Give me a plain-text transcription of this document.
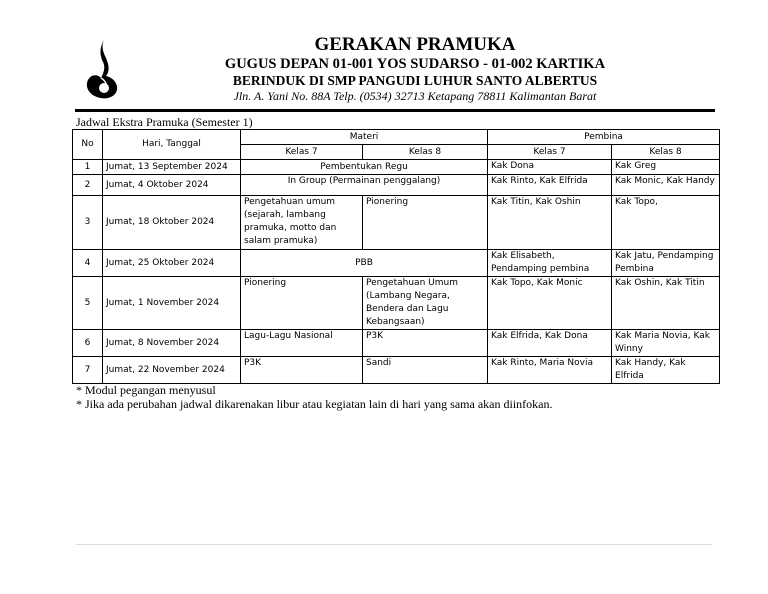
GERAKAN PRAMUKA
GUGUS DEPAN 01-001 YOS SUDARSO - 01-002 KARTIKA
BERINDUK DI SMP PANGUDI LUHUR SANTO ALBERTUS
Jln. A. Yani No. 88A Telp. (0534) 32713 Ketapang 78811 Kalimantan Barat
Jadwal Ekstra Pramuka (Semester 1)
No	Hari, Tanggal	Materi		Pembina	
		Kelas 7	Kelas 8	Kelas 7	Kelas 8
1	Jumat, 13 September 2024	Pembentukan Regu		Kak Dona	Kak Greg
2	Jumat, 4 Oktober 2024	In Group (Permainan penggalang)		Kak Rinto, Kak Elfrida	Kak Monic, Kak Handy
3	Jumat, 18 Oktober 2024	Pengetahuan umum (sejarah, lambang pramuka, motto dan salam pramuka)	Pionering	Kak Titin, Kak Oshin	Kak Topo,
4	Jumat, 25 Oktober 2024	PBB		Kak Elisabeth, Pendamping pembina	Kak Jatu, Pendamping Pembina
5	Jumat, 1 November 2024	Pionering	Pengetahuan Umum (Lambang Negara, Bendera dan Lagu Kebangsaan)	Kak Topo, Kak Monic	Kak Oshin, Kak Titin
6	Jumat, 8 November 2024	Lagu-Lagu Nasional	P3K	Kak Elfrida, Kak Dona	Kak Maria Novia, Kak Winny
7	Jumat, 22 November 2024	P3K	Sandi	Kak Rinto, Maria Novia	Kak Handy, Kak Elfrida
* Modul pegangan menyusul
* Jika ada perubahan jadwal dikarenakan libur atau kegiatan lain di hari yang sama akan diinfokan.
